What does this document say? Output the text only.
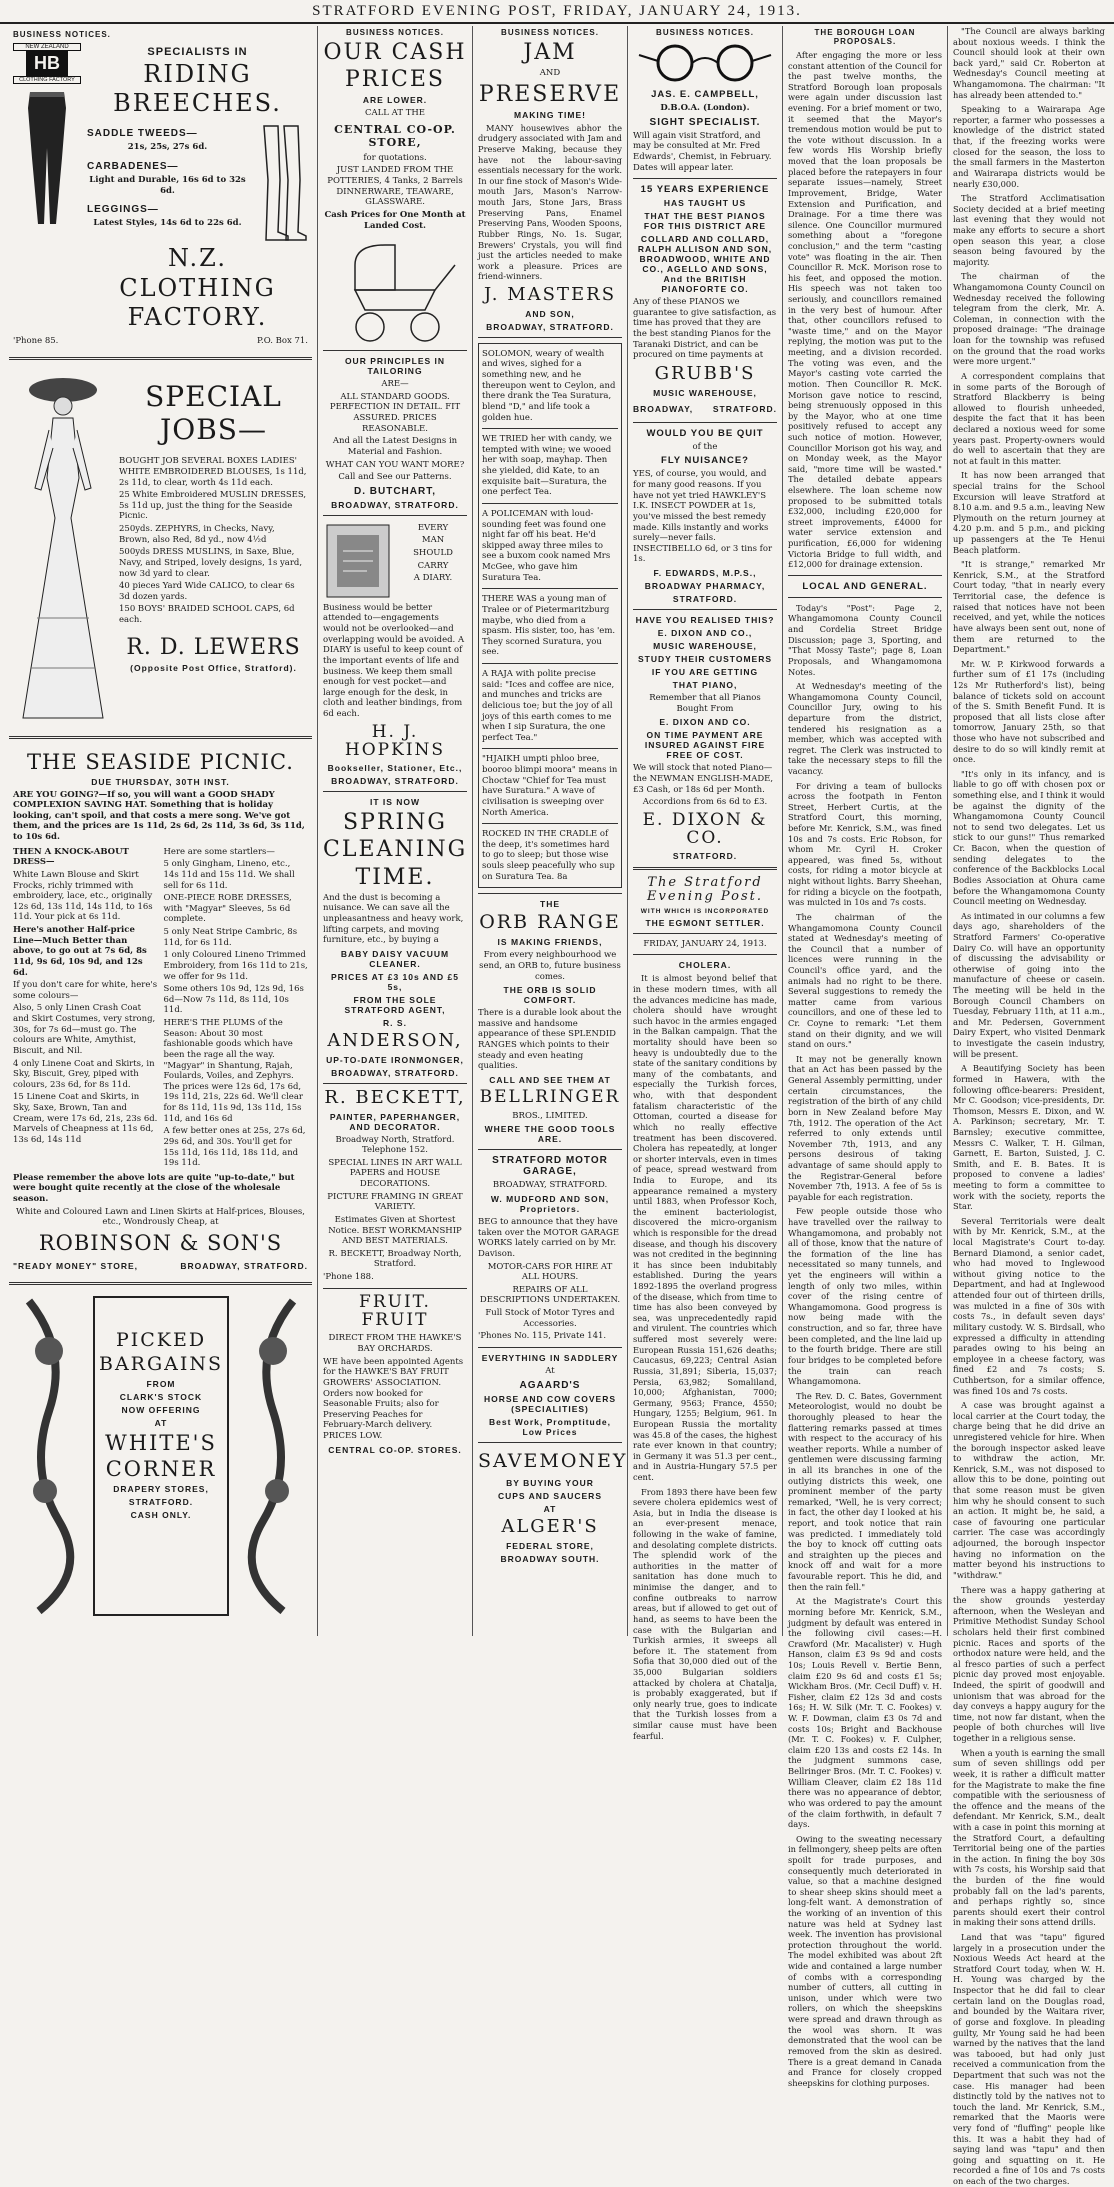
STRATFORD EVENING POST, FRIDAY, JANUARY 24, 1913.
BUSINESS NOTICES.
NEW ZEALAND
HB
CLOTHING FACTORY
SPECIALISTS IN
RIDING
BREECHES.
SADDLE TWEEDS—
21s, 25s, 27s 6d.
CARBADENES—
Light and Durable, 16s 6d to 32s 6d.
LEGGINGS—
Latest Styles, 14s 6d to 22s 6d.
N.Z.
CLOTHING
FACTORY.
'Phone 85.	P.O. Box 71.
SPECIAL
JOBS—

BOUGHT JOB SEVERAL BOXES LADIES' WHITE EMBROIDERED BLOUSES, 1s 11d, 2s 11d, to clear, worth 4s 11d each.

25 White Embroidered MUSLIN DRESSES, 5s 11d up, just the thing for the Seaside Picnic.

250yds. ZEPHYRS, in Checks, Navy, Brown, also Red, 8d yd., now 4½d

500yds DRESS MUSLINS, in Saxe, Blue, Navy, and Striped, lovely designs, 1s yard, now 3d yard to clear.

40 pieces Yard Wide CALICO, to clear 6s 3d dozen yards.

150 BOYS' BRAIDED SCHOOL CAPS, 6d each.

R. D. LEWERS
(Opposite Post Office, Stratford).
THE SEASIDE PICNIC.
DUE THURSDAY, 30TH INST.

ARE YOU GOING?—If so, you will want a GOOD SHADY COMPLEXION SAVING HAT. Something that is holiday looking, can't spoil, and that costs a mere song. We've got them, and the prices are 1s 11d, 2s 6d, 2s 11d, 3s 6d, 3s 11d, to 10s 6d.

THEN A KNOCK-ABOUT DRESS—

White Lawn Blouse and Skirt Frocks, richly trimmed with embroidery, lace, etc., originally 12s 6d, 13s 11d, 14s 11d, to 16s 11d. Your pick at 6s 11d.

Here's another Half-price Line—Much Better than above, to go out at 7s 6d, 8s 11d, 9s 6d, 10s 9d, and 12s 6d.

If you don't care for white, here's some colours—

Also, 5 only Linen Crash Coat and Skirt Costumes, very strong, 30s, for 7s 6d—must go. The colours are White, Amythist, Biscuit, and Nil.

4 only Linene Coat and Skirts, in Sky, Biscuit, Grey, piped with colours, 23s 6d, for 8s 11d.

15 Linene Coat and Skirts, in Sky, Saxe, Brown, Tan and Cream, were 17s 6d, 21s, 23s 6d. Marvels of Cheapness at 11s 6d, 13s 6d, 14s 11d

Here are some startlers—

5 only Gingham, Lineno, etc., 14s 11d and 15s 11d. We shall sell for 6s 11d.

ONE-PIECE ROBE DRESSES, with "Magyar" Sleeves, 5s 6d complete.

5 only Neat Stripe Cambric, 8s 11d, for 6s 11d.

1 only Coloured Lineno Trimmed Embroidery, from 16s 11d to 21s, we offer for 9s 11d.

Some others 10s 9d, 12s 9d, 16s 6d—Now 7s 11d, 8s 11d, 10s 11d.

HERE'S THE PLUMS of the Season: About 30 most fashionable goods which have been the rage all the way. "Magyar" in Shantung, Rajah, Foulards, Voiles, and Zephyrs. The prices were 12s 6d, 17s 6d, 19s 11d, 21s, 22s 6d. We'll clear for 8s 11d, 11s 9d, 13s 11d, 15s 11d, and 16s 6d

A few better ones at 25s, 27s 6d, 29s 6d, and 30s. You'll get for 15s 11d, 16s 11d, 18s 11d, and 19s 11d.

Please remember the above lots are quite "up-to-date," but were bought quite recently at the close of the wholesale season.

White and Coloured Lawn and Linen Skirts at Half-prices, Blouses, etc., Wondrously Cheap, at

ROBINSON & SON'S
"READY MONEY" STORE,	BROADWAY, STRATFORD.
PICKED
BARGAINS
FROM
CLARK'S STOCK
NOW OFFERING
AT
WHITE'S
CORNER
DRAPERY STORES,
STRATFORD.
CASH ONLY.
BUSINESS NOTICES.
OUR CASH
PRICES
ARE LOWER.
CALL AT THE
CENTRAL CO-OP. STORE,
for quotations.

JUST LANDED FROM THE POTTERIES, 4 Tanks, 2 Barrels DINNERWARE, TEAWARE, GLASSWARE.

Cash Prices for One Month at Landed Cost.

OUR PRINCIPLES IN TAILORING
ARE—

ALL STANDARD GOODS. PERFECTION IN DETAIL. FIT ASSURED. PRICES REASONABLE.

And all the Latest Designs in Material and Fashion.

WHAT CAN YOU WANT MORE?

Call and See our Patterns.

D. BUTCHART,
BROADWAY, STRATFORD.
EVERY
MAN
SHOULD
CARRY
A DIARY.

Business would be better attended to—engagements would not be overlooked—and overlapping would be avoided. A DIARY is useful to keep count of the important events of life and business. We keep them small enough for vest pocket—and large enough for the desk, in cloth and leather bindings, from 6d each.

H. J. HOPKINS
Bookseller, Stationer, Etc.,
BROADWAY, STRATFORD.
IT IS NOW
SPRING
CLEANING
TIME.

And the dust is becoming a nuisance. We can save all the unpleasantness and heavy work, lifting carpets, and moving furniture, etc., by buying a

BABY DAISY VACUUM CLEANER.
PRICES AT £3 10s AND £5 5s,
FROM THE SOLE STRATFORD AGENT,
R. S.
ANDERSON,
UP-TO-DATE IRONMONGER,
BROADWAY, STRATFORD.
R. BECKETT,
PAINTER, PAPERHANGER, AND DECORATOR.
Broadway North, Stratford. Telephone 152.

SPECIAL LINES IN ART WALL PAPERS and HOUSE DECORATIONS.

PICTURE FRAMING IN GREAT VARIETY.

Estimates Given at Shortest Notice. BEST WORKMANSHIP AND BEST MATERIALS.

R. BECKETT, Broadway North, Stratford.

'Phone 188.
FRUIT. FRUIT
DIRECT FROM THE HAWKE'S BAY ORCHARDS.

WE have been appointed Agents for the HAWKE'S BAY FRUIT GROWERS' ASSOCIATION. Orders now booked for Seasonable Fruits; also for Preserving Peaches for February-March delivery. PRICES LOW.

CENTRAL CO-OP. STORES.
BUSINESS NOTICES.
JAM
AND
PRESERVE
MAKING TIME!

MANY housewives abhor the drudgery associated with Jam and Preserve Making, because they have not the labour-saving essentials necessary for the work. In our fine stock of Mason's Wide-mouth Jars, Mason's Narrow-mouth Jars, Stone Jars, Brass Preserving Pans, Enamel Preserving Pans, Wooden Spoons, Rubber Rings, No. 1s. Sugar, Brewers' Crystals, you will find just the articles needed to make work a pleasure. Prices are friend-winners.

J. MASTERS
AND SON,
BROADWAY, STRATFORD.

SOLOMON, weary of wealth and wives, sighed for a something new, and he thereupon went to Ceylon, and there drank the Tea Suratura, blend "D," and life took a golden hue.

WE TRIED her with candy, we tempted with wine; we wooed her with soap, mayhap. Then she yielded, did Kate, to an exquisite bait—Suratura, the one perfect Tea.

A POLICEMAN with loud-sounding feet was found one night far off his beat. He'd skipped away three miles to see a buxom cook named Mrs McGee, who gave him Suratura Tea.

THERE WAS a young man of Tralee or of Pietermaritzburg maybe, who died from a spasm. His sister, too, has 'em. They scorned Suratura, you see.

A RAJA with polite precise said: "Ices and coffee are nice, and munches and tricks are delicious toe; but the joy of all joys of this earth comes to me when I sip Suratura, the one perfect Tea."

"HJAIKH umpti phloo bree, booroo blimpi moora" means in Choctaw "Chief for Tea must have Suratura." A wave of civilisation is sweeping over North America.

ROCKED IN THE CRADLE of the deep, it's sometimes hard to go to sleep; but those wise souls sleep peacefully who sup on Suratura Tea. 8a

THE
ORB RANGE
IS MAKING FRIENDS,

From every neighbourhood we send, an ORB to, future business comes.

THE ORB IS SOLID COMFORT.

There is a durable look about the massive and handsome appearance of these SPLENDID RANGES which points to their steady and even heating qualities.

CALL AND SEE THEM AT
BELLRINGER
BROS., LIMITED.
WHERE THE GOOD TOOLS ARE.
STRATFORD MOTOR GARAGE,
BROADWAY, STRATFORD.
W. MUDFORD AND SON, Proprietors.

BEG to announce that they have taken over the MOTOR GARAGE WORKS lately carried on by Mr. Davison.

MOTOR-CARS FOR HIRE AT ALL HOURS.

REPAIRS OF ALL DESCRIPTIONS UNDERTAKEN.

Full Stock of Motor Tyres and Accessories.

'Phones No. 115, Private 141.
EVERYTHING IN SADDLERY
At
AGAARD'S
HORSE AND COW COVERS (SPECIALITIES)
Best Work, Promptitude, Low Prices
SAVE MONEY
BY BUYING YOUR
CUPS AND SAUCERS
AT
ALGER'S
FEDERAL STORE,
BROADWAY SOUTH.
BUSINESS NOTICES.
JAS. E. CAMPBELL,
D.B.O.A. (London).
SIGHT SPECIALIST.

Will again visit Stratford, and may be consulted at Mr. Fred Edwards', Chemist, in February. Dates will appear later.

15 YEARS EXPERIENCE
HAS TAUGHT US
THAT THE BEST PIANOS FOR THIS DISTRICT ARE
COLLARD AND COLLARD, RALPH ALLISON AND SON, BROADWOOD, WHITE AND CO., AGELLO AND SONS, And the BRITISH PIANOFORTE CO.

Any of these PIANOS we guarantee to give satisfaction, as time has proved that they are the best standing Pianos for the Taranaki District, and can be procured on time payments at

GRUBB'S
MUSIC WAREHOUSE,
BROADWAY, STRATFORD.
WOULD YOU BE QUIT
of the
FLY NUISANCE?

YES, of course, you would, and for many good reasons. If you have not yet tried HAWKLEY'S I.K. INSECT POWDER at 1s, you've missed the best remedy made. Kills instantly and works surely—never fails. INSECTIBELLO 6d, or 3 tins for 1s.

F. EDWARDS, M.P.S.,
BROADWAY PHARMACY,
STRATFORD.
HAVE YOU REALISED THIS?
E. DIXON AND CO.,
MUSIC WAREHOUSE,
STUDY THEIR CUSTOMERS
IF YOU ARE GETTING
THAT PIANO,

Remember that all Pianos Bought From

E. DIXON AND CO.
ON TIME PAYMENT ARE INSURED AGAINST FIRE FREE OF COST.

We will stock that noted Piano—the NEWMAN ENGLISH-MADE, £3 Cash, or 18s 6d per Month.

Accordions from 6s 6d to £3.
E. DIXON & CO.
STRATFORD.
The Stratford Evening Post.
WITH WHICH IS INCORPORATED
THE EGMONT SETTLER.
FRIDAY, JANUARY 24, 1913.
CHOLERA.

It is almost beyond belief that in these modern times, with all the advances medicine has made, cholera should have wrought such havoc in the armies engaged in the Balkan campaign. That the mortality should have been so heavy is undoubtedly due to the state of the sanitary conditions by many of the combatants, and especially the Turkish forces, who, with that despondent fatalism characteristic of the Ottoman, courted a disease for which no really effective treatment has been discovered. Cholera has repeatedly, at longer or shorter intervals, even in times of peace, spread westward from India to Europe, and its appearance remained a mystery until 1883, when Professor Koch, the eminent bacteriologist, discovered the micro-organism which is responsible for the dread disease, and though his discovery was not credited in the beginning it has since been indubitably established. During the years 1892-1895 the overland progress of the disease, which from time to time has also been conveyed by sea, was unprecedentedly rapid and virulent. The countries which suffered most severely were: European Russia 151,626 deaths; Caucasus, 69,223; Central Asian Russia, 31,891; Siberia, 15,037; Persia, 63,982; Somaliland, 10,000; Afghanistan, 7000; Germany, 9563; France, 4550; Hungary, 1255; Belgium, 961. In European Russia the mortality was 45.8 of the cases, the highest rate ever known in that country; in Germany it was 51.3 per cent., and in Austria-Hungary 57.5 per cent.

From 1893 there have been few severe cholera epidemics west of Asia, but in India the disease is an ever-present menace, following in the wake of famine, and desolating complete districts. The splendid work of the authorities in the matter of sanitation has done much to minimise the danger, and to confine outbreaks to narrow areas, but if allowed to get out of hand, as seems to have been the case with the Bulgarian and Turkish armies, it sweeps all before it. The statement from Sofia that 30,000 died out of the 35,000 Bulgarian soldiers attacked by cholera at Chatalja, is probably exaggerated, but if only nearly true, goes to indicate that the Turkish losses from a similar cause must have been fearful.

THE BOROUGH LOAN PROPOSALS.

After engaging the more or less constant attention of the Council for the past twelve months, the Stratford Borough loan proposals were again under discussion last evening. For a brief moment or two, it seemed that the Mayor's tremendous motion would be put to the vote without discussion. In a few words His Worship briefly moved that the loan proposals be placed before the ratepayers in four separate issues—namely, Street Improvement, Bridge, Water Extension and Purification, and Drainage. For a time there was silence. One Councillor murmured something about a "foregone conclusion," and the term "casting vote" was floating in the air. Then Councillor R. McK. Morison rose to his feet, and opposed the motion. His speech was not taken too seriously, and councillors remained in the very best of humour. After that, other councillors refused to "waste time," and on the Mayor replying, the motion was put to the meeting, and a division recorded. The voting was even, and the Mayor's casting vote carried the motion. Then Councillor R. McK. Morison gave notice to rescind, being strenuously opposed in this by the Mayor, who at one time positively refused to accept any such notice of motion. However, Councillor Morison got his way, and on Monday week, as the Mayor said, "more time will be wasted." The detailed debate appears elsewhere. The loan scheme now proposed to be submitted totals £32,000, including £20,000 for street improvements, £4000 for water service extension and purification, £6,000 for widening Victoria Bridge to full width, and £12,000 for drainage extension.

LOCAL AND GENERAL.

Today's "Post": Page 2, Whangamomona County Council and Cordelia Street Bridge Discussion; page 3, Sporting, and "That Mossy Taste"; page 8, Loan Proposals, and Whangamomona Notes.

At Wednesday's meeting of the Whangamomona County Council, Councillor Jury, owing to his departure from the district, tendered his resignation as a member, which was accepted with regret. The Clerk was instructed to take the necessary steps to fill the vacancy.

For driving a team of bullocks across the footpath in Fenton Street, Herbert Curtis, at the Stratford Court, this morning, before Mr. Kenrick, S.M., was fined 10s and 7s costs. Eric Robson, for whom Mr. Cyril H. Croker appeared, was fined 5s, without costs, for riding a motor bicycle at night without lights. Barry Sheehan, for riding a bicycle on the footpath, was mulcted in 10s and 7s costs.

The chairman of the Whangamomona County Council stated at Wednesday's meeting of the Council that a number of licences were running in the Council's office yard, and the animals had no right to be there. Several suggestions to remedy the matter came from various councillors, and one of these led to Cr. Coyne to remark: "Let them stand on their dignity, and we will stand on ours."

It may not be generally known that an Act has been passed by the General Assembly permitting, under certain circumstances, the registration of the birth of any child born in New Zealand before May 7th, 1912. The operation of the Act referred to only extends until November 7th, 1913, and any persons desirous of taking advantage of same should apply to the Registrar-General before November 7th, 1913. A fee of 5s is payable for each registration.

Few people outside those who have travelled over the railway to Whangamomona, and probably not all of those, know that the nature of the formation of the line has necessitated so many tunnels, and yet the engineers will within a length of only two miles, within cover of the rising centre of Whangamomona. Good progress is now being made with the construction, and so far, three have been completed, and the line laid up to the fourth bridge. There are still four bridges to be completed before the train can reach Whangamomona.

The Rev. D. C. Bates, Government Meteorologist, would no doubt be thoroughly pleased to hear the flattering remarks passed at times with respect to the accuracy of his weather reports. While a number of gentlemen were discussing farming in all its branches in one of the outlying districts this week, one prominent member of the party remarked, "Well, he is very correct; in fact, the other day I looked at his report, and took notice that rain was predicted. I immediately told the boy to knock off cutting oats and straighten up the pieces and knock off and wait for a more favourable report. This he did, and then the rain fell."

At the Magistrate's Court this morning before Mr. Kenrick, S.M., judgment by default was entered in the following civil cases:—H. Crawford (Mr. Macalister) v. Hugh Hanson, claim £3 9s 9d and costs 10s; Louis Revell v. Bertie Benn, claim £20 9s 6d and costs £1 5s; Wickham Bros. (Mr. Cecil Duff) v. H. Fisher, claim £2 12s 3d and costs 16s; H. W. Silk (Mr. T. C. Fookes) v. W. F. Dowman, claim £3 0s 7d and costs 10s; Bright and Backhouse (Mr. T. C. Fookes) v. F. Culpher, claim £20 13s and costs £2 14s. In the judgment summons case, Bellringer Bros. (Mr. T. C. Fookes) v. William Cleaver, claim £2 18s 11d there was no appearance of debtor, who was ordered to pay the amount of the claim forthwith, in default 7 days.

Owing to the sweating necessary in fellmongery, sheep pelts are often spoilt for trade purposes, and consequently much deteriorated in value, so that a machine designed to shear sheep skins should meet a long-felt want. A demonstration of the working of an invention of this nature was held at Sydney last week. The invention has provisional protection throughout the world. The model exhibited was about 2ft wide and contained a large number of combs with a corresponding number of cutters, all cutting in unison, under which were two rollers, on which the sheepskins were spread and drawn through as the wool was shorn. It was demonstrated that the wool can be removed from the skin as desired. There is a great demand in Canada and France for closely cropped sheepskins for clothing purposes.

"The Council are always barking about noxious weeds. I think the Council should look at their own back yard," said Cr. Roberton at Wednesday's Council meeting at Whangamomona. The chairman: "It has already been attended to."

Speaking to a Wairarapa Age reporter, a farmer who possesses a knowledge of the district stated that, if the freezing works were closed for the season, the loss to the small farmers in the Masterton and Wairarapa districts would be nearly £30,000.

The Stratford Acclimatisation Society decided at a brief meeting last evening that they would not make any efforts to secure a short open season this year, a close season being favoured by the majority.

The chairman of the Whangamomona County Council on Wednesday received the following telegram from the clerk, Mr. A. Coleman, in connection with the proposed drainage: "The drainage loan for the township was refused on the ground that the road works were more urgent."

A correspondent complains that in some parts of the Borough of Stratford Blackberry is being allowed to flourish unheeded, despite the fact that it has been declared a noxious weed for some years past. Property-owners would do well to ascertain that they are not at fault in this matter.

It has now been arranged that special trains for the School Excursion will leave Stratford at 8.10 a.m. and 9.5 a.m., leaving New Plymouth on the return journey at 4.20 p.m. and 5 p.m., and picking up passengers at the Te Henui Beach platform.

"It is strange," remarked Mr Kenrick, S.M., at the Stratford Court today, "that in nearly every Territorial case, the defence is raised that notices have not been received, and yet, while the notices have always been sent out, none of them are returned to the Department."

Mr. W. P. Kirkwood forwards a further sum of £1 17s (including 12s Mr Rutherford's list), being balance of tickets sold on account of the S. Smith Benefit Fund. It is proposed that all lists close after tomorrow, January 25th, so that those who have not subscribed and desire to do so will kindly remit at once.

"It's only in its infancy, and is liable to go off with chosen pox or something else, and I think it would be against the dignity of the Whangamomona County Council not to send two delegates. Let us stick to our guns!" Thus remarked Cr. Bacon, when the question of sending delegates to the conference of the Backblocks Local Bodies Association at Ohura came before the Whangamomona County Council meeting on Wednesday.

As intimated in our columns a few days ago, shareholders of the Stratford Farmers' Co-operative Dairy Co. will have an opportunity of discussing the advisability or otherwise of going into the manufacture of cheese or casein. The meeting will be held in the Borough Council Chambers on Tuesday, February 11th, at 11 a.m., and Mr. Pedersen, Government Dairy Expert, who visited Denmark to investigate the casein industry, will be present.

A Beautifying Society has been formed in Hawera, with the following office-bearers: President, Mr C. Goodson; vice-presidents, Dr. Thomson, Messrs E. Dixon, and W. A. Parkinson; secretary, Mr. T. Barnsley; executive committee, Messrs C. Walker, T. H. Gilman, Garnett, E. Barton, Suisted, J. C. Smith, and E. B. Bates. It is proposed to convene a ladies' meeting to form a committee to work with the society, reports the Star.

Several Territorials were dealt with by Mr. Kenrick, S.M., at the local Magistrate's Court to-day. Bernard Diamond, a senior cadet, who had moved to Inglewood without giving notice to the Department, and had at Inglewood attended four out of thirteen drills, was mulcted in a fine of 30s with costs 7s., in default seven days' military custody. W. S. Birdsall, who expressed a difficulty in attending parades owing to his being an employee in a cheese factory, was fined £2 and 7s costs; S. Cuthbertson, for a similar offence, was fined 10s and 7s costs.

A case was brought against a local carrier at the Court today, the charge being that he did drive an unregistered vehicle for hire. When the borough inspector asked leave to withdraw the action, Mr. Kenrick, S.M., was not disposed to allow this to be done, pointing out that some reason must be given him why he should consent to such an action. It might be, he said, a case of favouring one particular carrier. The case was accordingly adjourned, the borough inspector having no information on the matter beyond his instructions to "withdraw."

There was a happy gathering at the show grounds yesterday afternoon, when the Wesleyan and Primitive Methodist Sunday School scholars held their first combined picnic. Races and sports of the orthodox nature were held, and the al fresco parties of such a perfect picnic day proved most enjoyable. Indeed, the spirit of goodwill and unionism that was abroad for the day conveys a happy augury for the time, not now far distant, when the people of both churches will live together in a religious sense.

When a youth is earning the small sum of seven shillings odd per week, it is rather a difficult matter for the Magistrate to make the fine compatible with the seriousness of the offence and the means of the defendant. Mr Kenrick, S.M., dealt with a case in point this morning at the Stratford Court, a defaulting Territorial being one of the parties in the action. In fining the boy 30s with 7s costs, his Worship said that the burden of the fine would probably fall on the lad's parents, and perhaps rightly so, since parents should exert their control in making their sons attend drills.

Land that was "tapu" figured largely in a prosecution under the Noxious Weeds Act heard at the Stratford Court today, when W. H. H. Young was charged by the Inspector that he did fail to clear certain land on the Douglas road, and bounded by the Waitara river, of gorse and foxglove. In pleading guilty, Mr Young said he had been warned by the natives that the land was tabooed, but had only just received a communication from the Department that such was not the case. His manager had been distinctly told by the natives not to touch the land. Mr Kenrick, S.M., remarked that the Maoris were very fond of "fluffing" people like this. It was a habit they had of saying land was "tapu" and then going and squatting on it. He recorded a fine of 10s and 7s costs on each of the two charges.
